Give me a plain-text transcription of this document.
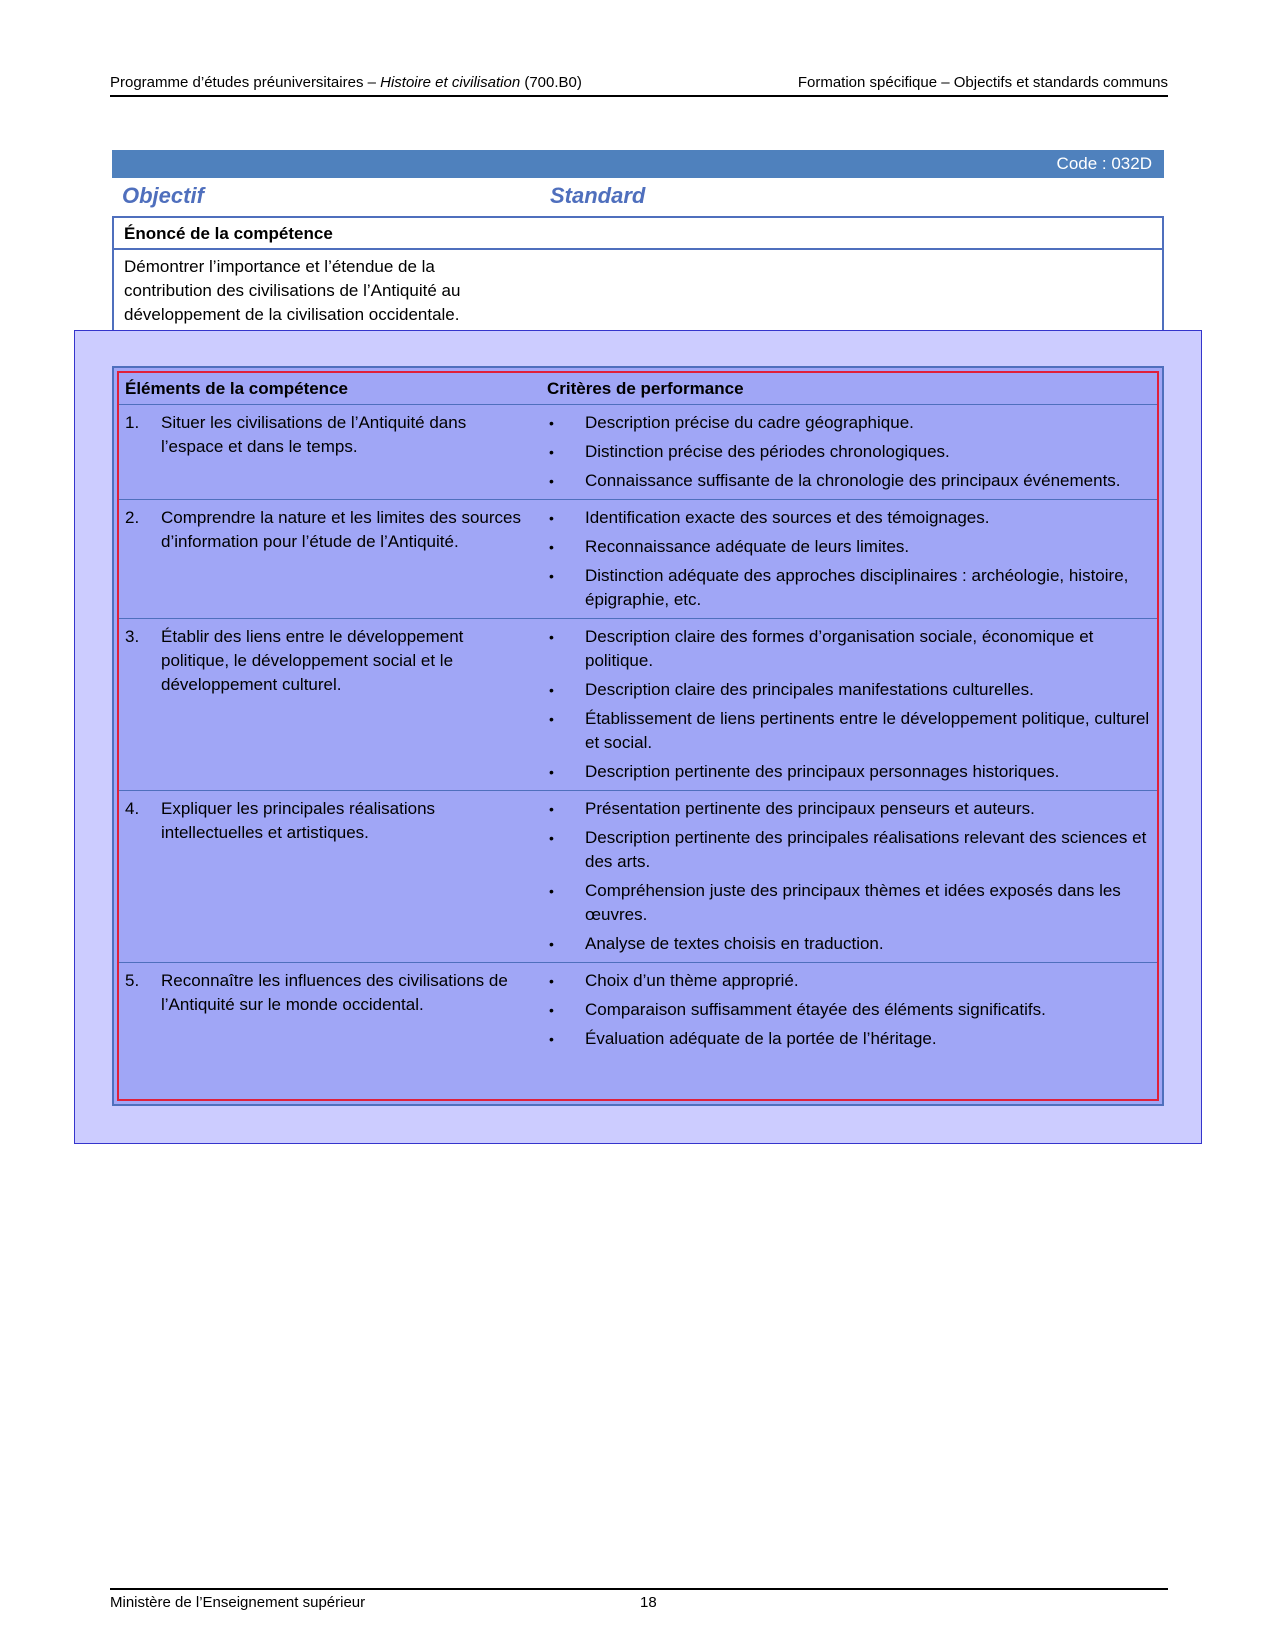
Programme d’études préuniversitaires – Histoire et civilisation (700.B0)	Formation spécifique – Objectifs et standards communs
Code : 032D
Objectif	Standard
Énoncé de la compétence
Démontrer l’importance et l’étendue de la contribution des civilisations de l’Antiquité au développement de la civilisation occidentale.
Éléments de la compétence	Critères de performance
1.	Situer les civilisations de l’Antiquité dans l’espace et dans le temps.
•	Description précise du cadre géographique.
•	Distinction précise des périodes chronologiques.
•	Connaissance suffisante de la chronologie des principaux événements.
2.	Comprendre la nature et les limites des sources d’information pour l’étude de l’Antiquité.
•	Identification exacte des sources et des témoignages.
•	Reconnaissance adéquate de leurs limites.
•	Distinction adéquate des approches disciplinaires : archéologie, histoire, épigraphie, etc.
3.	Établir des liens entre le développement politique, le développement social et le développement culturel.
•	Description claire des formes d’organisation sociale, économique et politique.
•	Description claire des principales manifestations culturelles.
•	Établissement de liens pertinents entre le développement politique, culturel et social.
•	Description pertinente des principaux personnages historiques.
4.	Expliquer les principales réalisations intellectuelles et artistiques.
•	Présentation pertinente des principaux penseurs et auteurs.
•	Description pertinente des principales réalisations relevant des sciences et des arts.
•	Compréhension juste des principaux thèmes et idées exposés dans les œuvres.
•	Analyse de textes choisis en traduction.
5.	Reconnaître les influences des civilisations de l’Antiquité sur le monde occidental.
•	Choix d’un thème approprié.
•	Comparaison suffisamment étayée des éléments significatifs.
•	Évaluation adéquate de la portée de l’héritage.
Ministère de l’Enseignement supérieur	18
